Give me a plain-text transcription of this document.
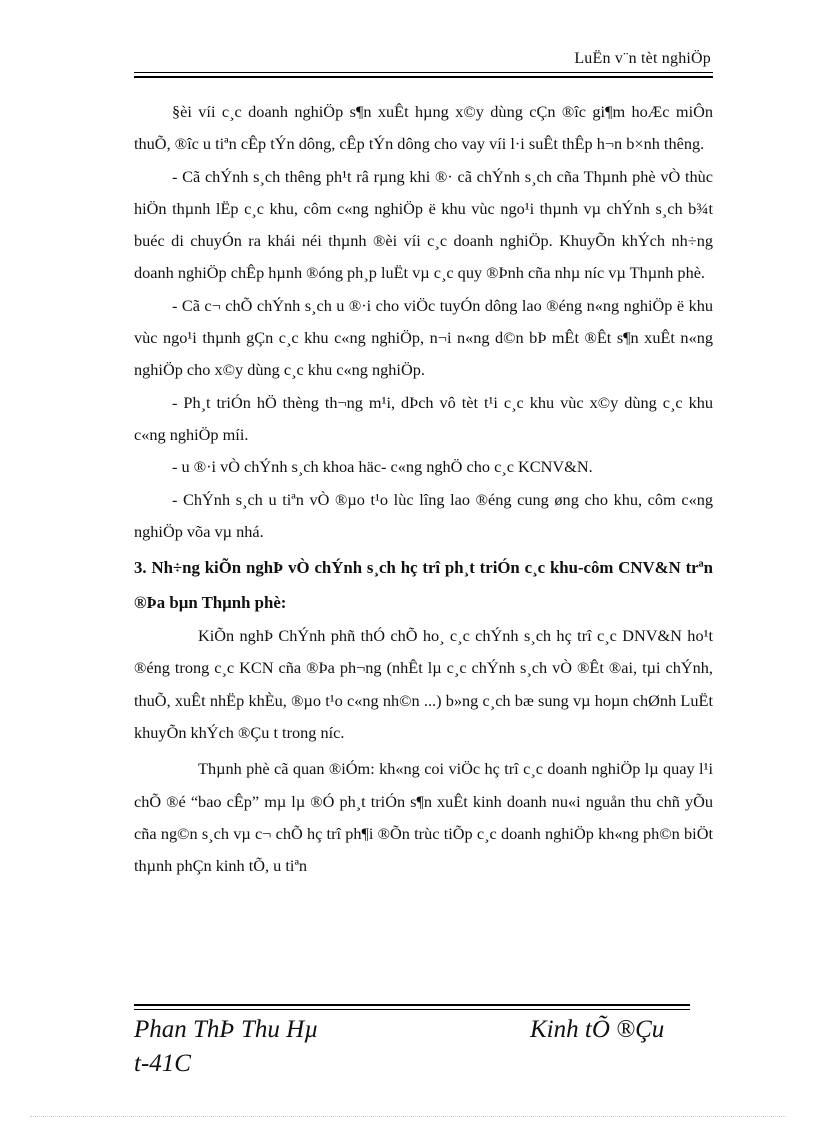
LuËn v¨n tèt nghiÖp

§èi víi c¸c doanh nghiÖp s¶n xuÊt hµng x©y dùng cÇn ®îc gi¶m hoÆc miÔn thuÕ, ®îc u tiªn cÊp tÝn dông, cÊp tÝn dông cho vay víi l·i suÊt thÊp h¬n b×nh thêng.

- Cã chÝnh s¸ch thêng ph¹t râ rµng khi ®· cã chÝnh s¸ch cña Thµnh phè vÒ thùc hiÖn thµnh lËp c¸c khu, côm c«ng nghiÖp ë khu vùc ngo¹i thµnh vµ chÝnh s¸ch b¾t buéc di chuyÓn ra khái néi thµnh ®èi víi c¸c doanh nghiÖp. KhuyÕn khÝch nh÷ng doanh nghiÖp chÊp hµnh ®óng ph¸p luËt vµ c¸c quy ®Þnh cña nhµ níc vµ Thµnh phè.

- Cã c¬ chÕ chÝnh s¸ch u ®·i cho viÖc tuyÓn dông lao ®éng n«ng nghiÖp ë khu vùc ngo¹i thµnh gÇn c¸c khu c«ng nghiÖp, n¬i n«ng d©n bÞ mÊt ®Êt s¶n xuÊt n«ng nghiÖp cho x©y dùng c¸c khu c«ng nghiÖp.

- Ph¸t triÓn hÖ thèng th¬ng m¹i, dÞch vô tèt t¹i c¸c khu vùc x©y dùng c¸c khu c«ng nghiÖp míi.

- u ®·i vÒ chÝnh s¸ch khoa häc- c«ng nghÖ cho c¸c KCNV&N.

- ChÝnh s¸ch u tiªn vÒ ®µo t¹o lùc lîng lao ®éng cung øng cho khu, côm c«ng nghiÖp võa vµ nhá.

3. Nh÷ng kiÕn nghÞ vÒ chÝnh s¸ch hç trî ph¸t triÓn c¸c khu-côm CNV&N trªn ®Þa bµn Thµnh phè:

KiÕn nghÞ ChÝnh phñ thÓ chÕ ho¸ c¸c chÝnh s¸ch hç trî c¸c DNV&N ho¹t ®éng trong c¸c KCN cña ®Þa ph¬ng (nhÊt lµ c¸c chÝnh s¸ch vÒ ®Êt ®ai, tµi chÝnh, thuÕ, xuÊt nhËp khÈu, ®µo t¹o c«ng nh©n ...) b»ng c¸ch bæ sung vµ hoµn chØnh LuËt khuyÕn khÝch ®Çu t trong níc.

Thµnh phè cã quan ®iÓm: kh«ng coi viÖc hç trî c¸c doanh nghiÖp lµ quay l¹i chÕ ®é “bao cÊp” mµ lµ ®Ó ph¸t triÓn s¶n xuÊt kinh doanh nu«i nguån thu chñ yÕu cña ng©n s¸ch vµ c¬ chÕ hç trî ph¶i ®Õn trùc tiÕp c¸c doanh nghiÖp kh«ng ph©n biÖt thµnh phÇn kinh tÕ, u tiªn

Phan ThÞ Thu Hµ
t-41C
Kinh tÕ ®Çu
